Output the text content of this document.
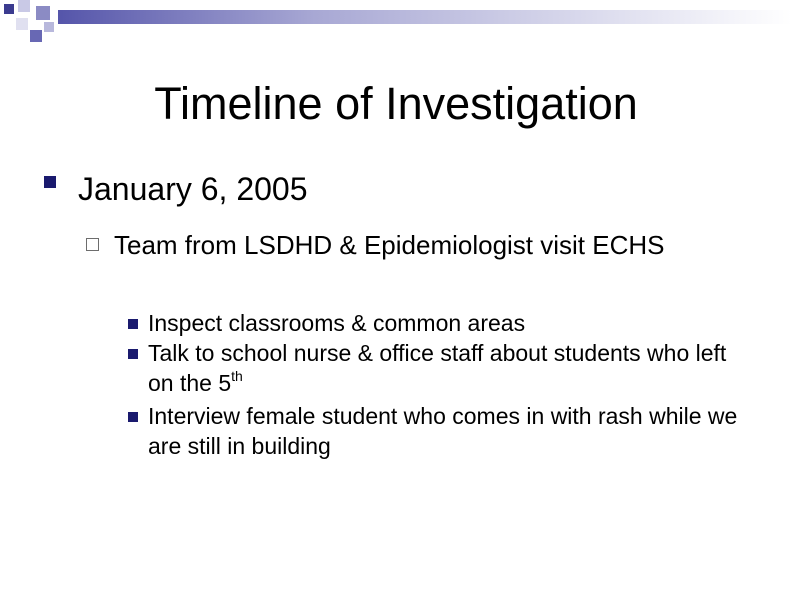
Timeline of Investigation
January 6, 2005
Team from LSDHD & Epidemiologist visit ECHS

Inspect classrooms & common areas

Talk to school nurse & office staff about students who left on the 5th

Interview female student who comes in with rash while we are still in building
